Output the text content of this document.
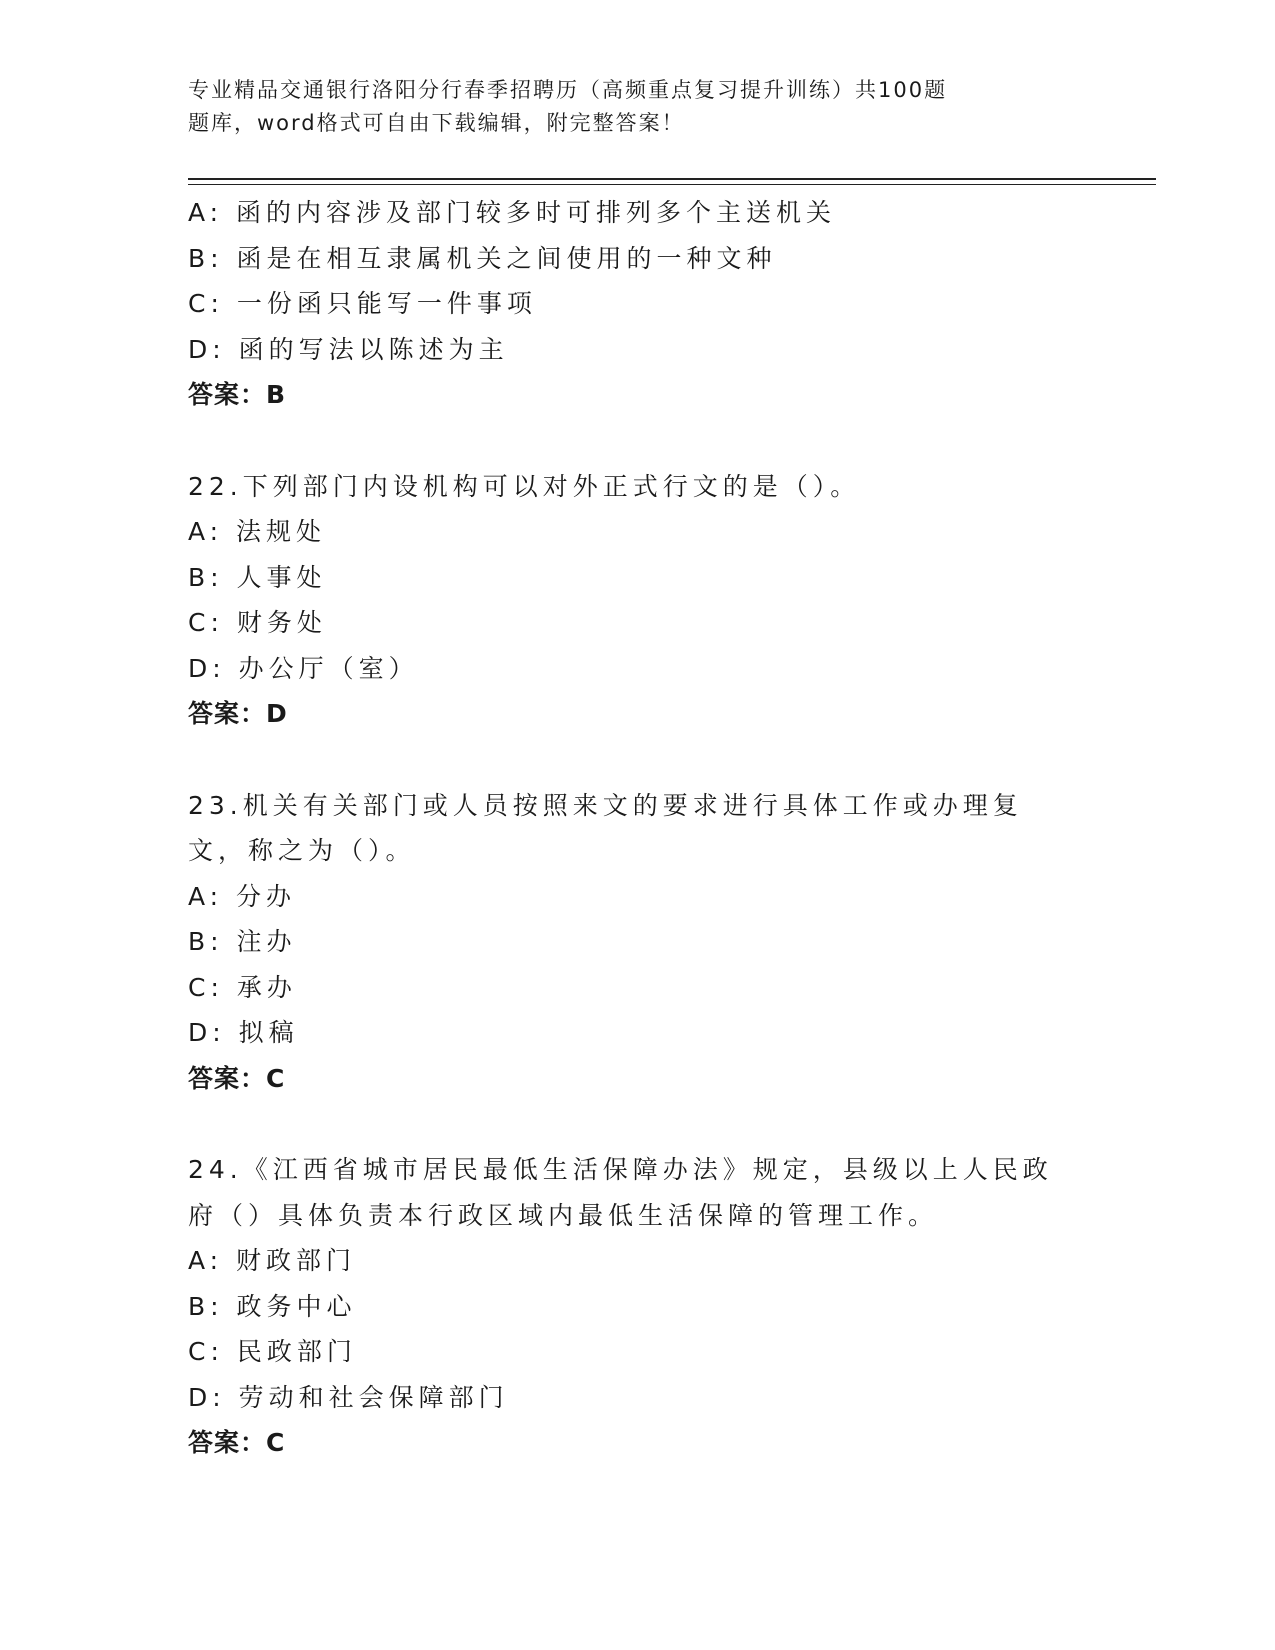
专业精品交通银行洛阳分行春季招聘历（高频重点复习提升训练）共100题
题库，word格式可自由下载编辑，附完整答案！
A: 函的内容涉及部门较多时可排列多个主送机关
B: 函是在相互隶属机关之间使用的一种文种
C: 一份函只能写一件事项
D: 函的写法以陈述为主
答案：B
22.下列部门内设机构可以对外正式行文的是（）。
A: 法规处
B: 人事处
C: 财务处
D: 办公厅（室）
答案：D
23.机关有关部门或人员按照来文的要求进行具体工作或办理复文，称之为（）。
A: 分办
B: 注办
C: 承办
D: 拟稿
答案：C
24.《江西省城市居民最低生活保障办法》规定，县级以上人民政府（）具体负责本行政区域内最低生活保障的管理工作。
A: 财政部门
B: 政务中心
C: 民政部门
D: 劳动和社会保障部门
答案：C
